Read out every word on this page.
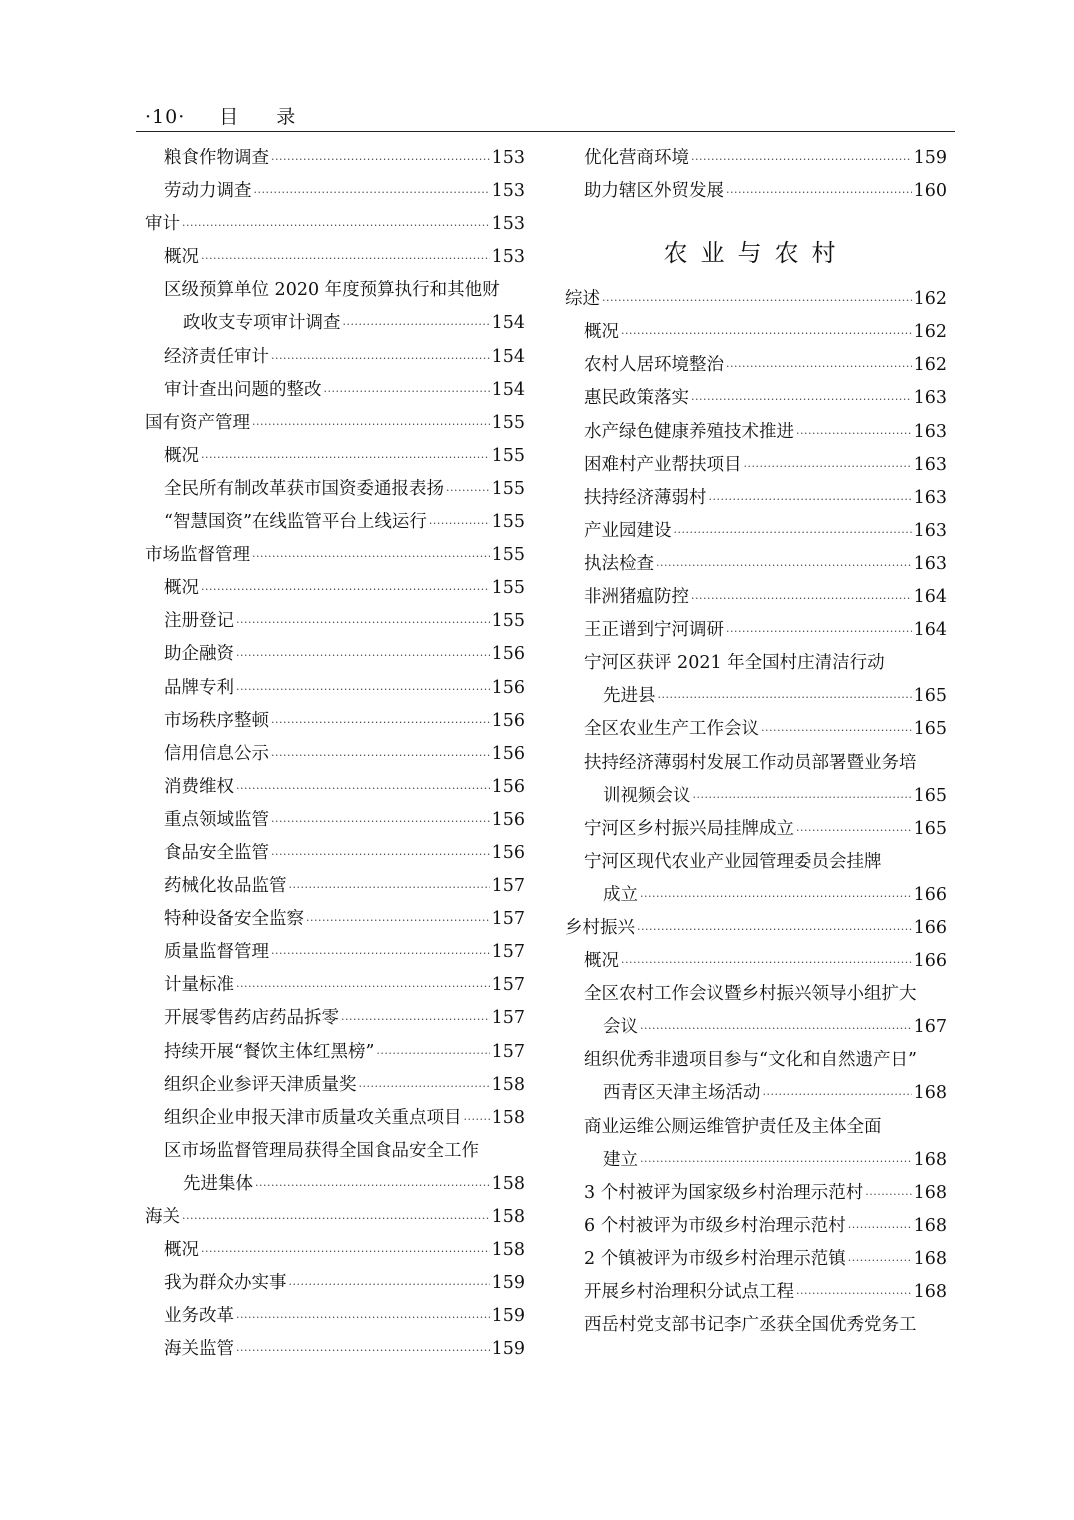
·10· 目 录
粮食作物调查 ·····	153
劳动力调查 ·····	153
审计 ·····	153
概况 ·····	153
区级预算单位 2020 年度预算执行和其他财
政收支专项审计调查 ·····	154
经济责任审计 ·····	154
审计查出问题的整改 ·····	154
国有资产管理 ·····	155
概况 ·····	155
全民所有制改革获市国资委通报表扬 ·····	155
“智慧国资”在线监管平台上线运行 ·····	155
市场监督管理 ·····	155
概况 ·····	155
注册登记 ·····	155
助企融资 ·····	156
品牌专利 ·····	156
市场秩序整顿 ·····	156
信用信息公示 ·····	156
消费维权 ·····	156
重点领域监管 ·····	156
食品安全监管 ·····	156
药械化妆品监管 ·····	157
特种设备安全监察 ·····	157
质量监督管理 ·····	157
计量标准 ·····	157
开展零售药店药品拆零 ·····	157
持续开展“餐饮主体红黑榜” ·····	157
组织企业参评天津质量奖 ·····	158
组织企业申报天津市质量攻关重点项目 ····· 158
区市场监督管理局获得全国食品安全工作
先进集体 ·····	158
海关 ·····	158
概况 ·····	158
我为群众办实事 ·····	159
业务改革 ·····	159
海关监管 ·····	159
优化营商环境 ·····	159
助力辖区外贸发展 ·····	160
农业与农村
综述 ·····	162
概况 ·····	162
农村人居环境整治 ·····	162
惠民政策落实 ·····	163
水产绿色健康养殖技术推进 ·····	163
困难村产业帮扶项目 ·····	163
扶持经济薄弱村 ·····	163
产业园建设 ·····	163
执法检查 ·····	163
非洲猪瘟防控 ·····	164
王正谱到宁河调研 ·····	164
宁河区获评 2021 年全国村庄清洁行动
先进县 ·····	165
全区农业生产工作会议 ·····	165
扶持经济薄弱村发展工作动员部署暨业务培
训视频会议 ·····	165
宁河区乡村振兴局挂牌成立 ·····	165
宁河区现代农业产业园管理委员会挂牌
成立 ·····	166
乡村振兴 ·····	166
概况 ·····	166
全区农村工作会议暨乡村振兴领导小组扩大
会议 ·····	167
组织优秀非遗项目参与“文化和自然遗产日”
西青区天津主场活动 ·····	168
商业运维公厕运维管护责任及主体全面
建立 ·····	168
3 个村被评为国家级乡村治理示范村 ·····	168
6 个村被评为市级乡村治理示范村 ·····	168
2 个镇被评为市级乡村治理示范镇 ·····	168
开展乡村治理积分试点工程 ·····	168
西岳村党支部书记李广丞获全国优秀党务工
